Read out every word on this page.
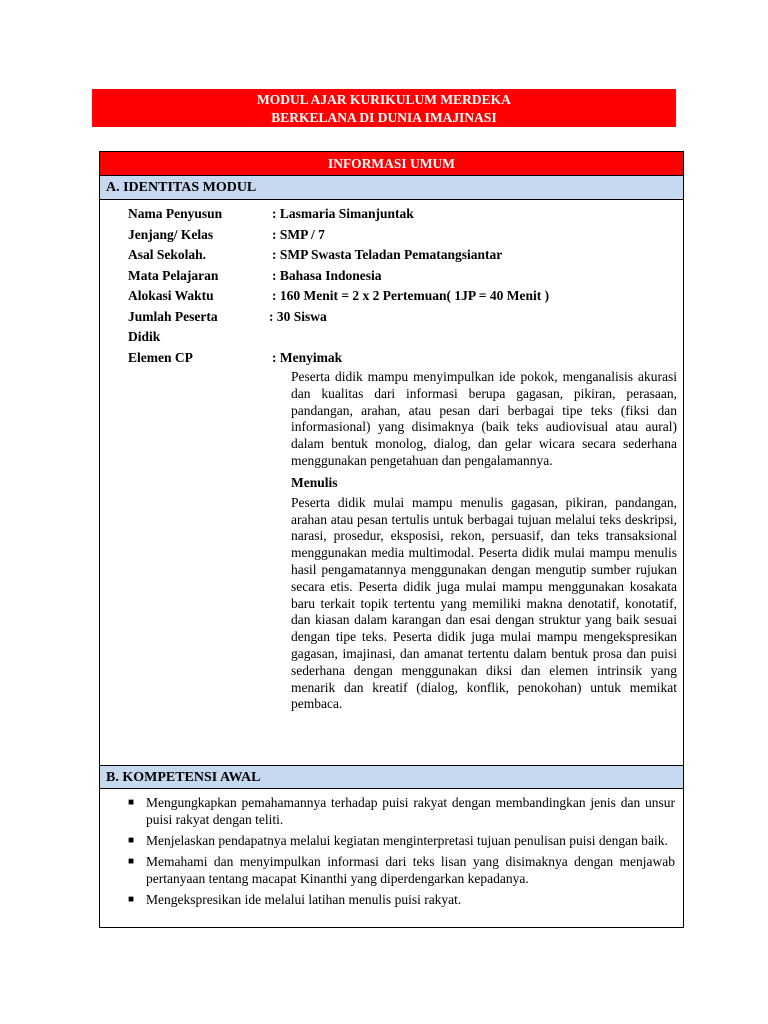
MODUL AJAR KURIKULUM MERDEKA
BERKELANA DI DUNIA IMAJINASI
INFORMASI UMUM
A. IDENTITAS MODUL
Nama Penyusun	: Lasmaria Simanjuntak
Jenjang/ Kelas	: SMP / 7
Asal Sekolah.	: SMP Swasta Teladan Pematangsiantar
Mata Pelajaran	: Bahasa Indonesia
Alokasi Waktu	: 160 Menit = 2 x 2 Pertemuan( 1JP = 40 Menit )
Jumlah Peserta	: 30 Siswa
Didik
Elemen CP	: Menyimak

Peserta didik mampu menyimpulkan ide pokok, menganalisis akurasi dan kualitas dari informasi berupa gagasan, pikiran, perasaan, pandangan, arahan, atau pesan dari berbagai tipe teks (fiksi dan informasional) yang disimaknya (baik teks audiovisual atau aural) dalam bentuk monolog, dialog, dan gelar wicara secara sederhana menggunakan pengetahuan dan pengalamannya.

Menulis

Peserta didik mulai mampu menulis gagasan, pikiran, pandangan, arahan atau pesan tertulis untuk berbagai tujuan melalui teks deskripsi, narasi, prosedur, eksposisi, rekon, persuasif, dan teks transaksional menggunakan media multimodal. Peserta didik mulai mampu menulis hasil pengamatannya menggunakan dengan mengutip sumber rujukan secara etis. Peserta didik juga mulai mampu menggunakan kosakata baru terkait topik tertentu yang memiliki makna denotatif, konotatif, dan kiasan dalam karangan dan esai dengan struktur yang baik sesuai dengan tipe teks. Peserta didik juga mulai mampu mengekspresikan gagasan, imajinasi, dan amanat tertentu dalam bentuk prosa dan puisi sederhana dengan menggunakan diksi dan elemen intrinsik yang menarik dan kreatif (dialog, konflik, penokohan) untuk memikat pembaca.

B. KOMPETENSI AWAL
■ Mengungkapkan pemahamannya terhadap puisi rakyat dengan membandingkan jenis dan unsur puisi rakyat dengan teliti.
■ Menjelaskan pendapatnya melalui kegiatan menginterpretasi tujuan penulisan puisi dengan baik.
■ Memahami dan menyimpulkan informasi dari teks lisan yang disimaknya dengan menjawab pertanyaan tentang macapat Kinanthi yang diperdengarkan kepadanya.
■ Mengekspresikan ide melalui latihan menulis puisi rakyat.
